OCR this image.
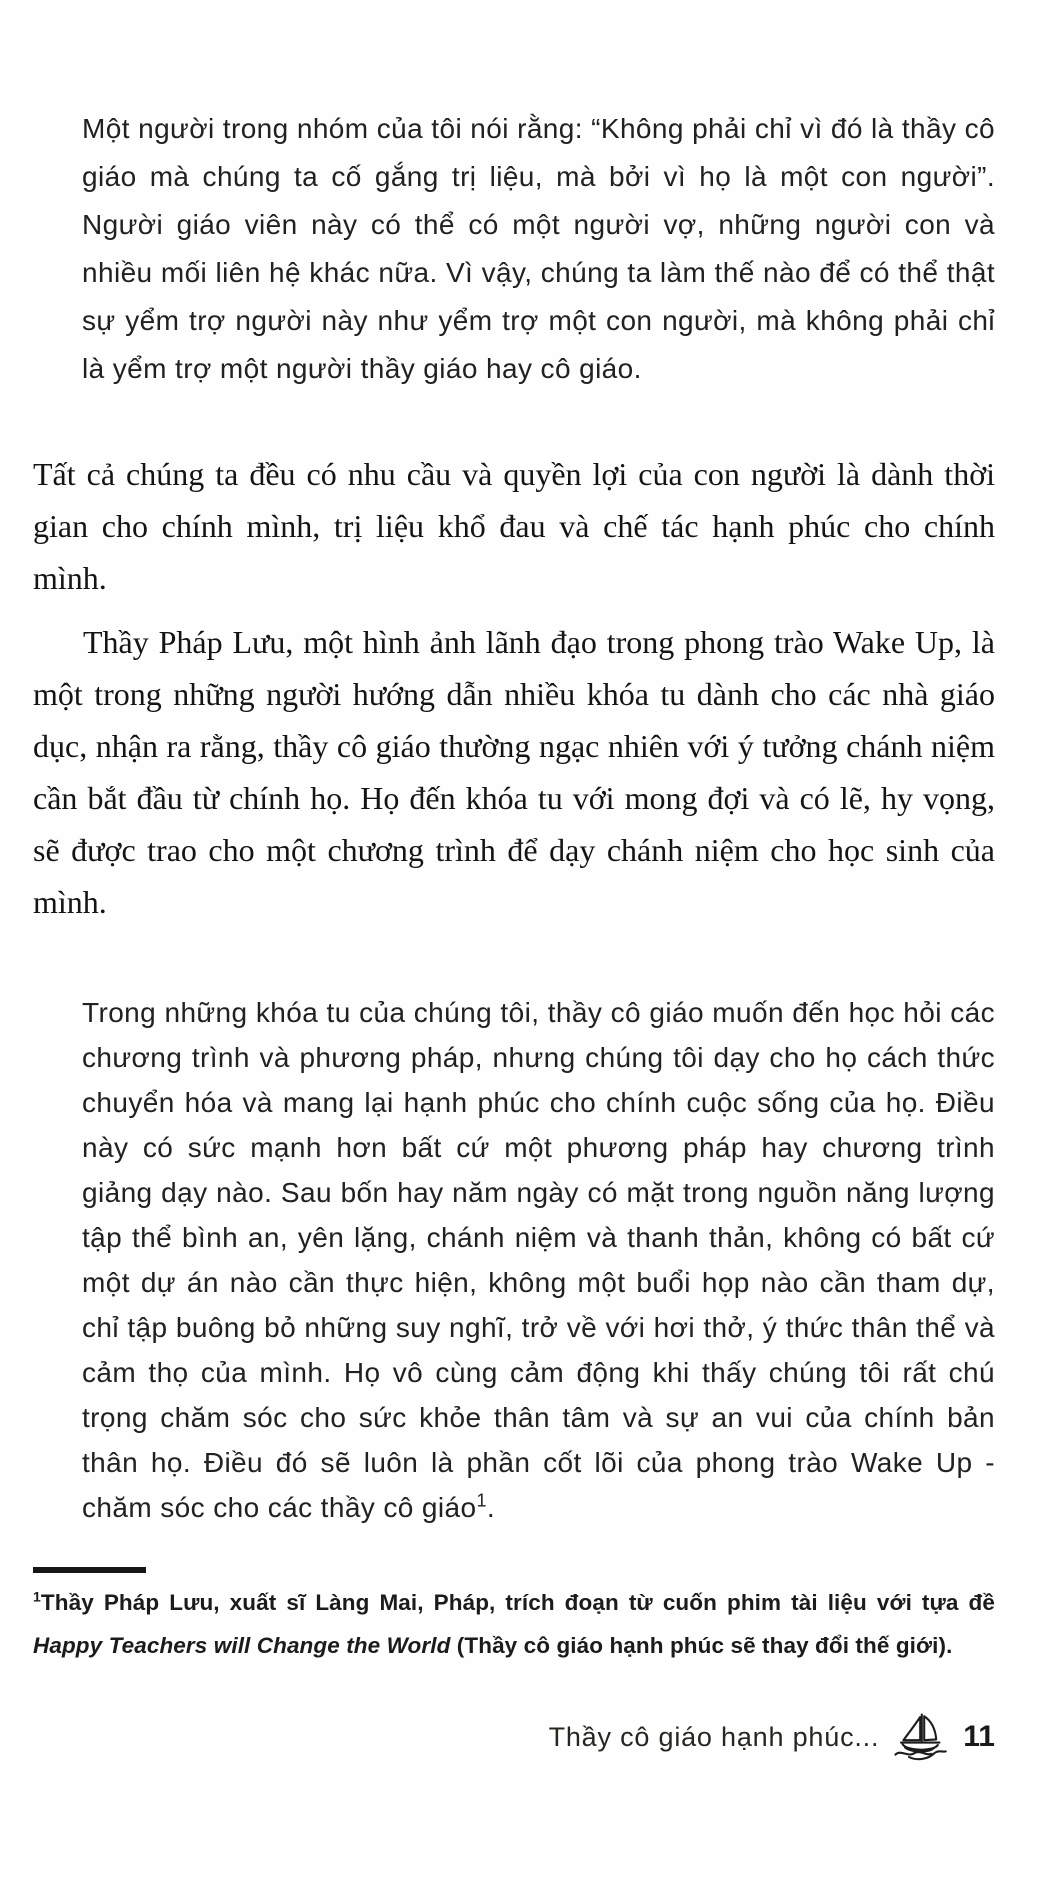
Một người trong nhóm của tôi nói rằng: “Không phải chỉ vì đó là thầy cô giáo mà chúng ta cố gắng trị liệu, mà bởi vì họ là một con người”. Người giáo viên này có thể có một người vợ, những người con và nhiều mối liên hệ khác nữa. Vì vậy, chúng ta làm thế nào để có thể thật sự yểm trợ người này như yểm trợ một con người, mà không phải chỉ là yểm trợ một người thầy giáo hay cô giáo.

Tất cả chúng ta đều có nhu cầu và quyền lợi của con người là dành thời gian cho chính mình, trị liệu khổ đau và chế tác hạnh phúc cho chính mình.

Thầy Pháp Lưu, một hình ảnh lãnh đạo trong phong trào Wake Up, là một trong những người hướng dẫn nhiều khóa tu dành cho các nhà giáo dục, nhận ra rằng, thầy cô giáo thường ngạc nhiên với ý tưởng chánh niệm cần bắt đầu từ chính họ. Họ đến khóa tu với mong đợi và có lẽ, hy vọng, sẽ được trao cho một chương trình để dạy chánh niệm cho học sinh của mình.

Trong những khóa tu của chúng tôi, thầy cô giáo muốn đến học hỏi các chương trình và phương pháp, nhưng chúng tôi dạy cho họ cách thức chuyển hóa và mang lại hạnh phúc cho chính cuộc sống của họ. Điều này có sức mạnh hơn bất cứ một phương pháp hay chương trình giảng dạy nào. Sau bốn hay năm ngày có mặt trong nguồn năng lượng tập thể bình an, yên lặng, chánh niệm và thanh thản, không có bất cứ một dự án nào cần thực hiện, không một buổi họp nào cần tham dự, chỉ tập buông bỏ những suy nghĩ, trở về với hơi thở, ý thức thân thể và cảm thọ của mình. Họ vô cùng cảm động khi thấy chúng tôi rất chú trọng chăm sóc cho sức khỏe thân tâm và sự an vui của chính bản thân họ. Điều đó sẽ luôn là phần cốt lõi của phong trào Wake Up - chăm sóc cho các thầy cô giáo$^1$.
$^1$Thầy Pháp Lưu, xuất sĩ Làng Mai, Pháp, trích đoạn từ cuốn phim tài liệu với tựa đề Happy Teachers will Change the World (Thầy cô giáo hạnh phúc sẽ thay đổi thế giới).
Thầy cô giáo hạnh phúc...	11
